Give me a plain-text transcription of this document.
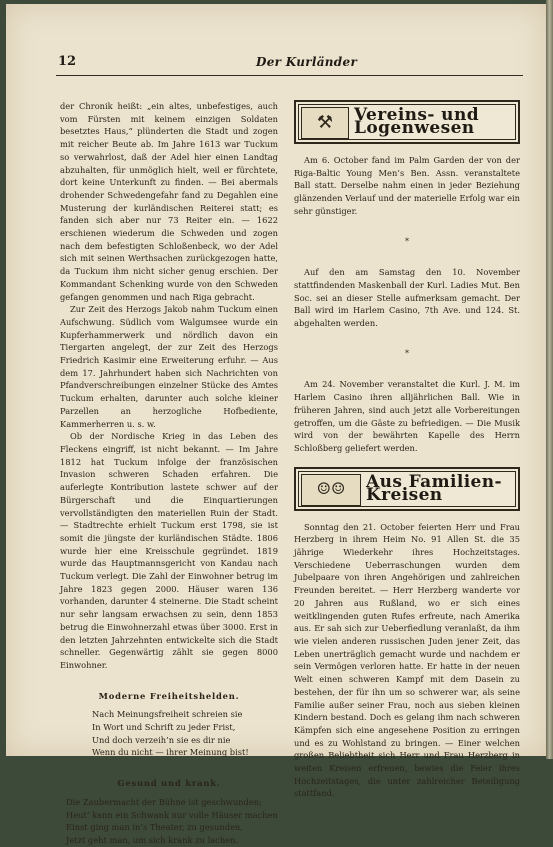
12	Der Kurländer

der Chronik heißt: „ein altes, unbefestiges, auch vom Fürsten mit keinem einzigen Soldaten besetztes Haus,“ plünderten die Stadt und zogen mit reicher Beute ab. Im Jahre 1613 war Tuckum so verwahrlost, daß der Adel hier einen Landtag abzuhalten, für unmöglich hielt, weil er fürchtete, dort keine Unterkunft zu finden. — Bei abermals drohender Schwedengefahr fand zu Degahlen eine Musterung der kurländischen Reiterei statt; es fanden sich aber nur 73 Reiter ein. — 1622 erschienen wiederum die Schweden und zogen nach dem befestigten Schloßenbeck, wo der Adel sich mit seinen Werthsachen zurückgezogen hatte, da Tuckum ihm nicht sicher genug erschien. Der Kommandant Schenking wurde von den Schweden gefangen genommen und nach Riga gebracht.

Zur Zeit des Herzogs Jakob nahm Tuckum einen Aufschwung. Südlich vom Walgumsee wurde ein Kupferhammerwerk und nördlich davon ein Tiergarten angelegt, der zur Zeit des Herzogs Friedrich Kasimir eine Erweiterung erfuhr. — Aus dem 17. Jahrhundert haben sich Nachrichten von Pfandverschreibungen einzelner Stücke des Amtes Tuckum erhalten, darunter auch solche kleiner Parzellen an herzogliche Hofbediente, Kammerherren u. s. w.

Ob der Nordische Krieg in das Leben des Fleckens eingriff, ist nicht bekannt. — Im Jahre 1812 hat Tuckum infolge der französischen Invasion schweren Schaden erfahren. Die auferlegte Kontribution lastete schwer auf der Bürgerschaft und die Einquartierungen vervollständigten den materiellen Ruin der Stadt. — Stadtrechte erhielt Tuckum erst 1798, sie ist somit die jüngste der kurländischen Städte. 1806 wurde hier eine Kreisschule gegründet. 1819 wurde das Hauptmannsgericht von Kandau nach Tuckum verlegt. Die Zahl der Einwohner betrug im Jahre 1823 gegen 2000. Häuser waren 136 vorhanden, darunter 4 steinerne. Die Stadt scheint nur sehr langsam erwachsen zu sein, denn 1853 betrug die Einwohnerzahl etwas über 3000. Erst in den letzten Jahrzehnten entwickelte sich die Stadt schneller. Gegenwärtig zählt sie gegen 8000 Einwohner.

Moderne Freiheitshelden.
Nach Meinungsfreiheit schreien sie
In Wort und Schrift zu jeder Frist,
Und doch verzeih’n sie es dir nie
Wenn du nicht — ihrer Meinung bist!
Gesund und krank.
Die Zaubermacht der Bühne ist geschwunden;
Heut’ kann ein Schwank nur volle Häuser machen
Einst ging man in’s Theater, zu gesunden,
Jetzt geht man, um sich krank zu lachen.
⚒	Vereins- und Logenwesen

Am 6. October fand im Palm Garden der von der Riga-Baltic Young Men’s Ben. Assn. veranstaltete Ball statt. Derselbe nahm einen in jeder Beziehung glänzenden Verlauf und der materielle Erfolg war ein sehr günstiger.

*

Auf den am Samstag den 10. November stattfindenden Maskenball der Kurl. Ladies Mut. Ben Soc. sei an dieser Stelle aufmerksam gemacht. Der Ball wird im Harlem Casino, 7th Ave. und 124. St. abgehalten werden.

*

Am 24. November veranstaltet die Kurl. J. M. im Harlem Casino ihren alljährlichen Ball. Wie in früheren Jahren, sind auch jetzt alle Vorbereitungen getroffen, um die Gäste zu befriedigen. — Die Musik wird von der bewährten Kapelle des Herrn Schloßberg geliefert werden.

☺☺	Aus Familien-Kreisen

Sonntag den 21. October feierten Herr und Frau Herzberg in ihrem Heim No. 91 Allen St. die 35 jährige Wiederkehr ihres Hochzeitstages. Verschiedene Ueberraschungen wurden dem Jubelpaare von ihren Angehörigen und zahlreichen Freunden bereitet. — Herr Herzberg wanderte vor 20 Jahren aus Rußland, wo er sich eines weitklingenden guten Rufes erfreute, nach Amerika aus. Er sah sich zur Ueberfiedlung veranlaßt, da ihm wie vielen anderen russischen Juden jener Zeit, das Leben unerträglich gemacht wurde und nachdem er sein Vermögen verloren hatte. Er hatte in der neuen Welt einen schweren Kampf mit dem Dasein zu bestehen, der für ihn um so schwerer war, als seine Familie außer seiner Frau, noch aus sieben kleinen Kindern bestand. Doch es gelang ihm nach schweren Kämpfen sich eine angesehene Position zu erringen und es zu Wohlstand zu bringen. — Einer welchen großen Beliebtheit sich Herr und Frau Herzberg in weiten Kreisen erfreuen, bewies die Feier ihres Hochzeitstages, die unter zahlreicher Beteiligung stattfand.
